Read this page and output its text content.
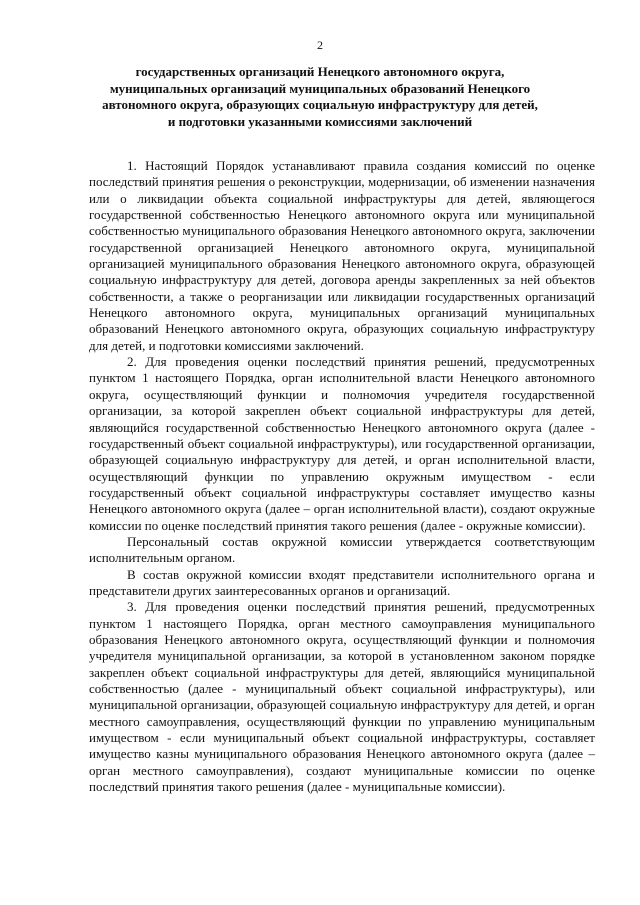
2
государственных организаций Ненецкого автономного округа, муниципальных организаций муниципальных образований Ненецкого автономного округа, образующих социальную инфраструктуру для детей, и подготовки указанными комиссиями заключений

1. Настоящий Порядок устанавливают правила создания комиссий по оценке последствий принятия решения о реконструкции, модернизации, об изменении назначения или о ликвидации объекта социальной инфраструктуры для детей, являющегося государственной собственностью Ненецкого автономного округа или муниципальной собственностью муниципального образования Ненецкого автономного округа, заключении государственной организацией Ненецкого автономного округа, муниципальной организацией муниципального образования Ненецкого автономного округа, образующей социальную инфраструктуру для детей, договора аренды закрепленных за ней объектов собственности, а также о реорганизации или ликвидации государственных организаций Ненецкого автономного округа, муниципальных организаций муниципальных образований Ненецкого автономного округа, образующих социальную инфраструктуру для детей, и подготовки комиссиями заключений.

2. Для проведения оценки последствий принятия решений, предусмотренных пунктом 1 настоящего Порядка, орган исполнительной власти Ненецкого автономного округа, осуществляющий функции и полномочия учредителя государственной организации, за которой закреплен объект социальной инфраструктуры для детей, являющийся государственной собственностью Ненецкого автономного округа (далее - государственный объект социальной инфраструктуры), или государственной организации, образующей социальную инфраструктуру для детей, и орган исполнительной власти, осуществляющий функции по управлению окружным имуществом - если государственный объект социальной инфраструктуры составляет имущество казны Ненецкого автономного округа (далее – орган исполнительной власти), создают окружные комиссии по оценке последствий принятия такого решения (далее - окружные комиссии).

Персональный состав окружной комиссии утверждается соответствующим исполнительным органом.

В состав окружной комиссии входят представители исполнительного органа и представители других заинтересованных органов и организаций.

3. Для проведения оценки последствий принятия решений, предусмотренных пунктом 1 настоящего Порядка, орган местного самоуправления муниципального образования Ненецкого автономного округа, осуществляющий функции и полномочия учредителя муниципальной организации, за которой в установленном законом порядке закреплен объект социальной инфраструктуры для детей, являющийся муниципальной собственностью (далее - муниципальный объект социальной инфраструктуры), или муниципальной организации, образующей социальную инфраструктуру для детей, и орган местного самоуправления, осуществляющий функции по управлению муниципальным имуществом - если муниципальный объект социальной инфраструктуры, составляет имущество казны муниципального образования Ненецкого автономного округа (далее – орган местного самоуправления), создают муниципальные комиссии по оценке последствий принятия такого решения (далее - муниципальные комиссии).
